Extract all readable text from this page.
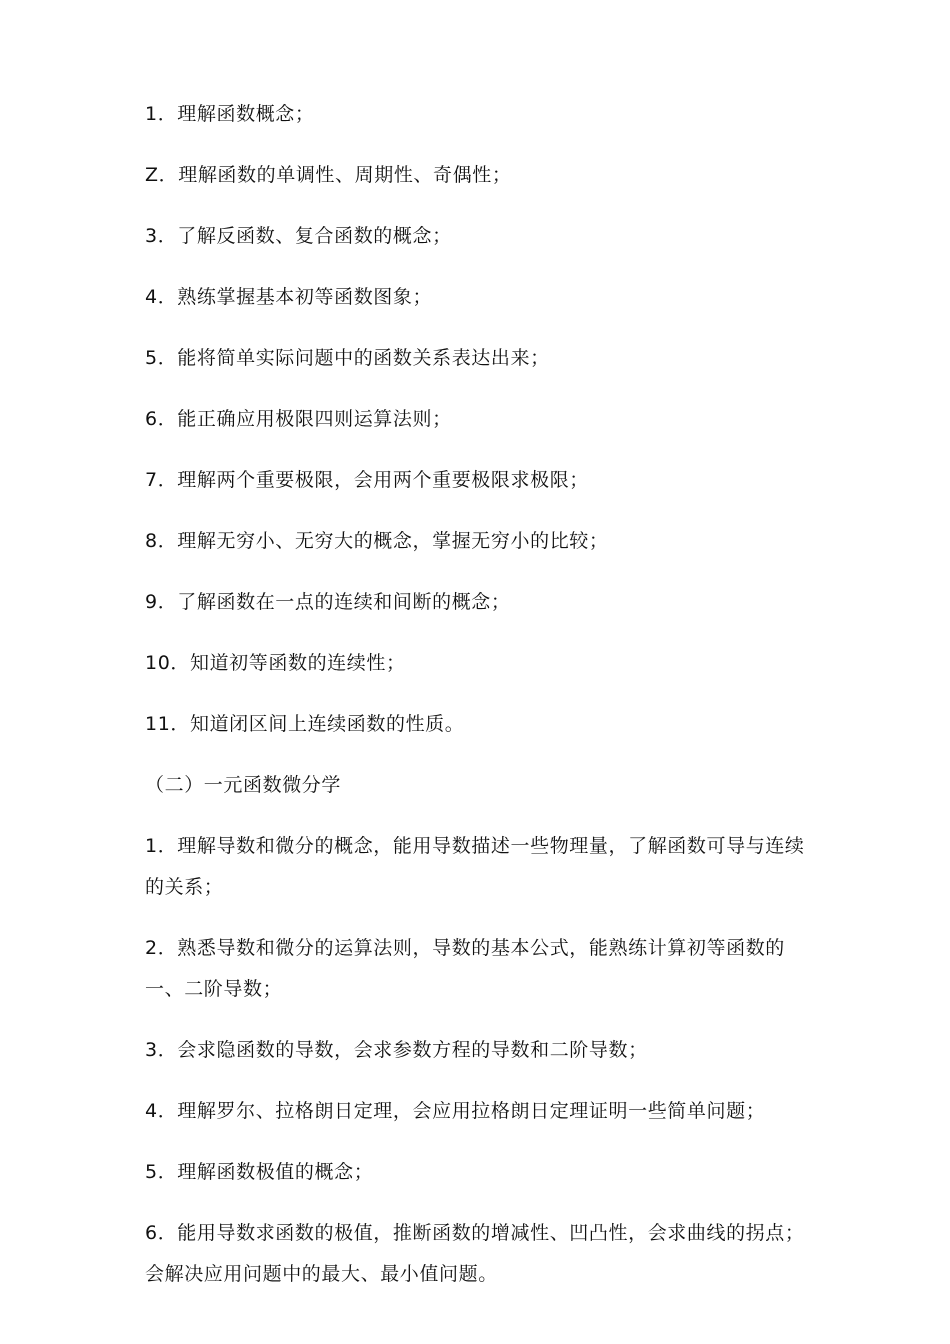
1．理解函数概念；

Z．理解函数的单调性、周期性、奇偶性；

3．了解反函数、复合函数的概念；

4．熟练掌握基本初等函数图象；

5．能将简单实际问题中的函数关系表达出来；

6．能正确应用极限四则运算法则；

7．理解两个重要极限，会用两个重要极限求极限；

8．理解无穷小、无穷大的概念，掌握无穷小的比较；

9．了解函数在一点的连续和间断的概念；

10．知道初等函数的连续性；

11．知道闭区间上连续函数的性质。

（二）一元函数微分学

1．理解导数和微分的概念，能用导数描述一些物理量，了解函数可导与连续的关系；

2．熟悉导数和微分的运算法则，导数的基本公式，能熟练计算初等函数的一、二阶导数；

3．会求隐函数的导数，会求参数方程的导数和二阶导数；

4．理解罗尔、拉格朗日定理，会应用拉格朗日定理证明一些简单问题；

5．理解函数极值的概念；

6．能用导数求函数的极值，推断函数的增减性、凹凸性，会求曲线的拐点；会解决应用问题中的最大、最小值问题。
